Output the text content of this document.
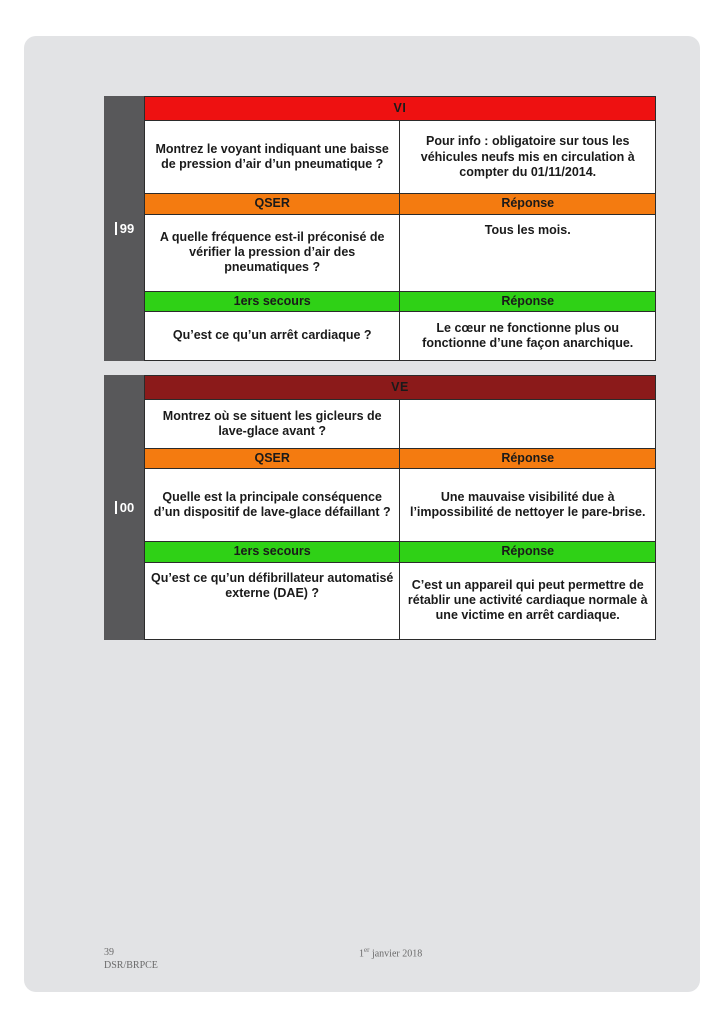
99
VI	
Montrez le voyant indiquant une baisse de pression d’air d’un pneumatique ?	Pour info : obligatoire sur tous les véhicules neufs mis en circulation à compter du 01/11/2014.
QSER	Réponse
A quelle fréquence est-il préconisé de vérifier la pression d’air des pneumatiques ?	Tous les mois.
1ers secours	Réponse
Qu’est ce qu’un arrêt cardiaque ?	Le cœur ne fonctionne plus ou fonctionne d’une façon anarchique.
00
VE	
Montrez où se situent les gicleurs de lave-glace avant ?	
QSER	Réponse
Quelle est la principale conséquence d’un dispositif de lave-glace défaillant ?	Une mauvaise visibilité due à l’impossibilité de nettoyer le pare-brise.
1ers secours	Réponse
Qu’est ce qu’un défibrillateur automatisé externe (DAE) ?	C’est un appareil qui peut permettre de rétablir une activité cardiaque normale à une victime en arrêt cardiaque.
39
DSR/BRPCE
1er janvier 2018
